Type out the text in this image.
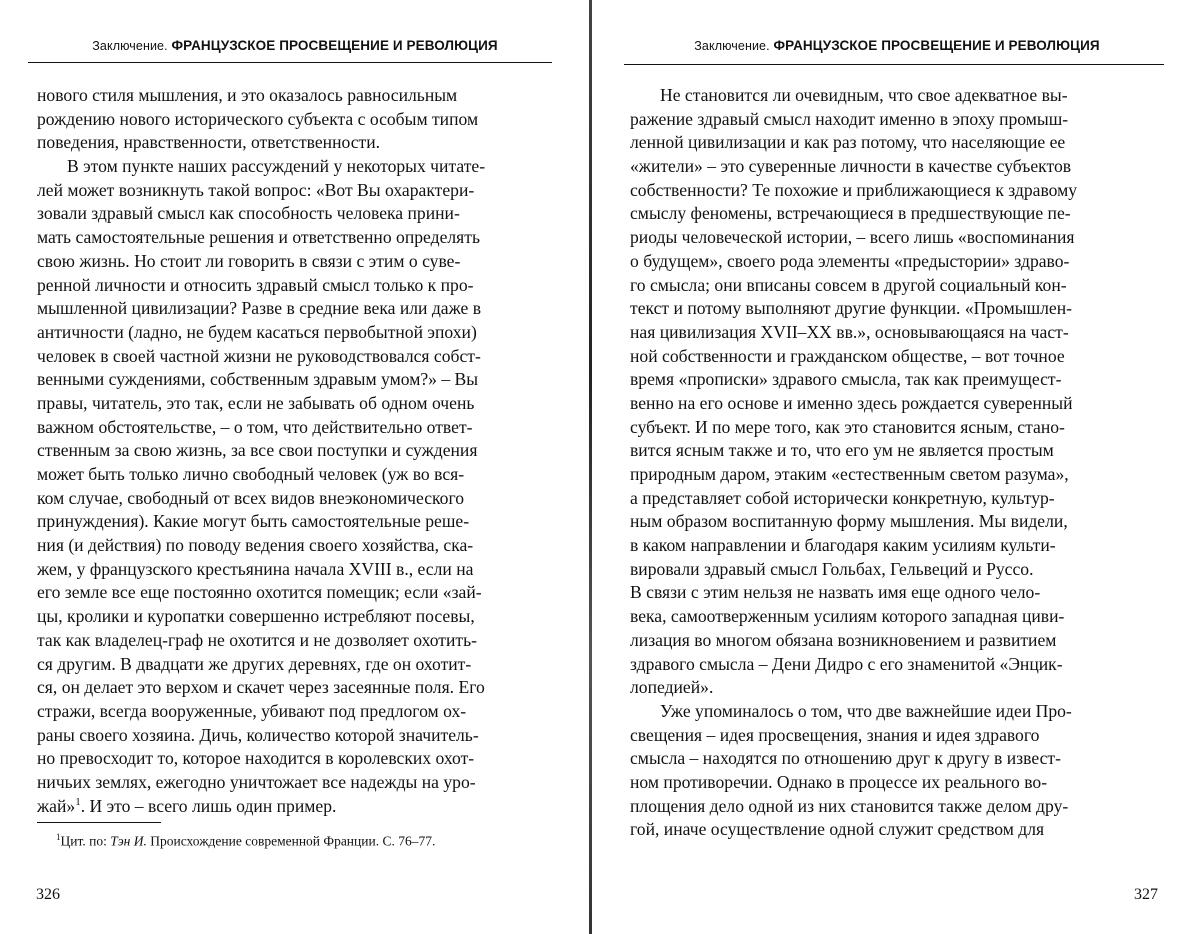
Заключение. ФРАНЦУЗСКОЕ ПРОСВЕЩЕНИЕ И РЕВОЛЮЦИЯ
нового стиля мышления, и это оказалось равносильным
рождению нового исторического субъекта с особым типом
поведения, нравственности, ответственности.
В этом пункте наших рассуждений у некоторых читате-
лей может возникнуть такой вопрос: «Вот Вы охарактери-
зовали здравый смысл как способность человека прини-
мать самостоятельные решения и ответственно определять
свою жизнь. Но стоит ли говорить в связи с этим о суве-
ренной личности и относить здравый смысл только к про-
мышленной цивилизации? Разве в средние века или даже в
античности (ладно, не будем касаться первобытной эпохи)
человек в своей частной жизни не руководствовался собст-
венными суждениями, собственным здравым умом?» – Вы
правы, читатель, это так, если не забывать об одном очень
важном обстоятельстве, – о том, что действительно ответ-
ственным за свою жизнь, за все свои поступки и суждения
может быть только лично свободный человек (уж во вся-
ком случае, свободный от всех видов внеэкономического
принуждения). Какие могут быть самостоятельные реше-
ния (и действия) по поводу ведения своего хозяйства, ска-
жем, у французского крестьянина начала XVIII в., если на
его земле все еще постоянно охотится помещик; если «зай-
цы, кролики и куропатки совершенно истребляют посевы,
так как владелец-граф не охотится и не дозволяет охотить-
ся другим. В двадцати же других деревнях, где он охотит-
ся, он делает это верхом и скачет через засеянные поля. Его
стражи, всегда вооруженные, убивают под предлогом ох-
раны своего хозяина. Дичь, количество которой значитель-
но превосходит то, которое находится в королевских охот-
ничьих землях, ежегодно уничтожает все надежды на уро-
жай»$^1$. И это – всего лишь один пример.
$^1$Цит. по: Тэн И. Происхождение современной Франции. С. 76–77.
326
Заключение. ФРАНЦУЗСКОЕ ПРОСВЕЩЕНИЕ И РЕВОЛЮЦИЯ
Не становится ли очевидным, что свое адекватное вы-
ражение здравый смысл находит именно в эпоху промыш-
ленной цивилизации и как раз потому, что населяющие ее
«жители» – это суверенные личности в качестве субъектов
собственности? Те похожие и приближающиеся к здравому
смыслу феномены, встречающиеся в предшествующие пе-
риоды человеческой истории, – всего лишь «воспоминания
о будущем», своего рода элементы «предыстории» здраво-
го смысла; они вписаны совсем в другой социальный кон-
текст и потому выполняют другие функции. «Промышлен-
ная цивилизация XVII–XX вв.», основывающаяся на част-
ной собственности и гражданском обществе, – вот точное
время «прописки» здравого смысла, так как преимущест-
венно на его основе и именно здесь рождается суверенный
субъект. И по мере того, как это становится ясным, стано-
вится ясным также и то, что его ум не является простым
природным даром, этаким «естественным светом разума»,
а представляет собой исторически конкретную, культур-
ным образом воспитанную форму мышления. Мы видели,
в каком направлении и благодаря каким усилиям культи-
вировали здравый смысл Гольбах, Гельвеций и Руссо.
В связи с этим нельзя не назвать имя еще одного чело-
века, самоотверженным усилиям которого западная циви-
лизация во многом обязана возникновением и развитием
здравого смысла – Дени Дидро с его знаменитой «Энцик-
лопедией».
Уже упоминалось о том, что две важнейшие идеи Про-
свещения – идея просвещения, знания и идея здравого
смысла – находятся по отношению друг к другу в извест-
ном противоречии. Однако в процессе их реального во-
площения дело одной из них становится также делом дру-
гой, иначе осуществление одной служит средством для
327
